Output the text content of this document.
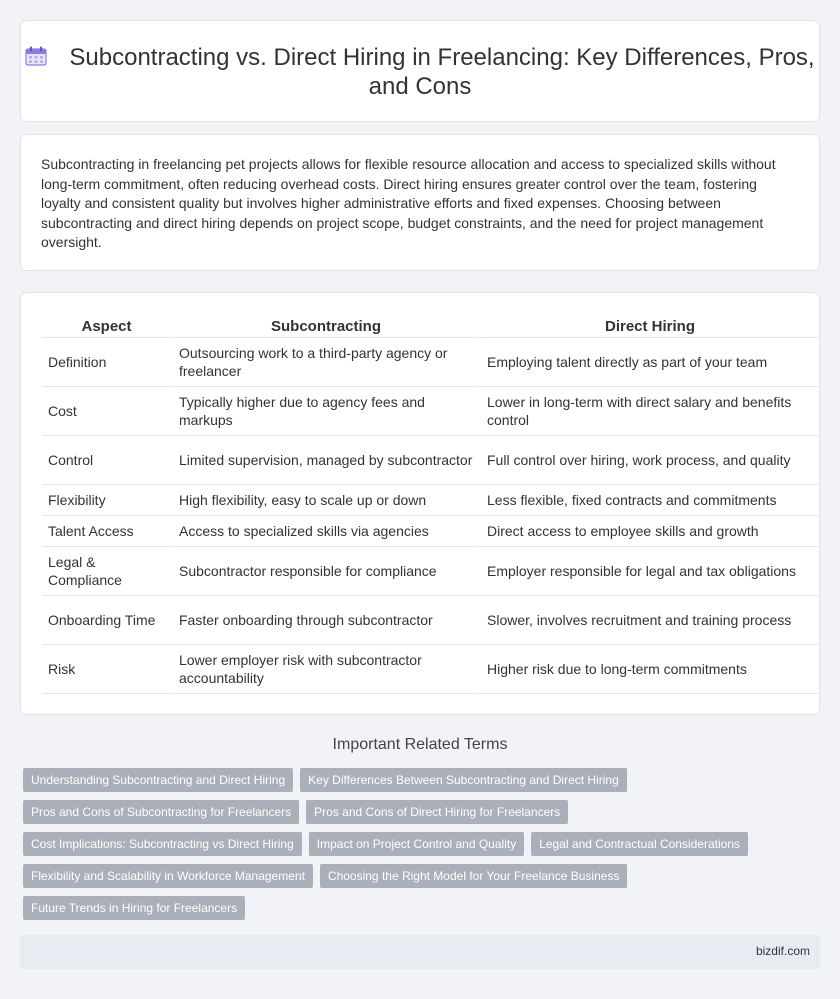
Subcontracting vs. Direct Hiring in Freelancing: Key Differences, Pros, and Cons

Subcontracting in freelancing pet projects allows for flexible resource allocation and access to specialized skills without long-term commitment, often reducing overhead costs. Direct hiring ensures greater control over the team, fostering loyalty and consistent quality but involves higher administrative efforts and fixed expenses. Choosing between subcontracting and direct hiring depends on project scope, budget constraints, and the need for project management oversight.

Aspect	Subcontracting	Direct Hiring
Definition	Outsourcing work to a third-party agency or freelancer	Employing talent directly as part of your team
Cost	Typically higher due to agency fees and markups	Lower in long-term with direct salary and benefits control
Control	Limited supervision, managed by subcontractor	Full control over hiring, work process, and quality
Flexibility	High flexibility, easy to scale up or down	Less flexible, fixed contracts and commitments
Talent Access	Access to specialized skills via agencies	Direct access to employee skills and growth
Legal & Compliance	Subcontractor responsible for compliance	Employer responsible for legal and tax obligations
Onboarding Time	Faster onboarding through subcontractor	Slower, involves recruitment and training process
Risk	Lower employer risk with subcontractor accountability	Higher risk due to long-term commitments
Important Related Terms
Understanding Subcontracting and Direct Hiring	Key Differences Between Subcontracting and Direct Hiring
Pros and Cons of Subcontracting for Freelancers	Pros and Cons of Direct Hiring for Freelancers
Cost Implications: Subcontracting vs Direct Hiring	Impact on Project Control and Quality	Legal and Contractual Considerations
Flexibility and Scalability in Workforce Management	Choosing the Right Model for Your Freelance Business
Future Trends in Hiring for Freelancers
bizdif.com
